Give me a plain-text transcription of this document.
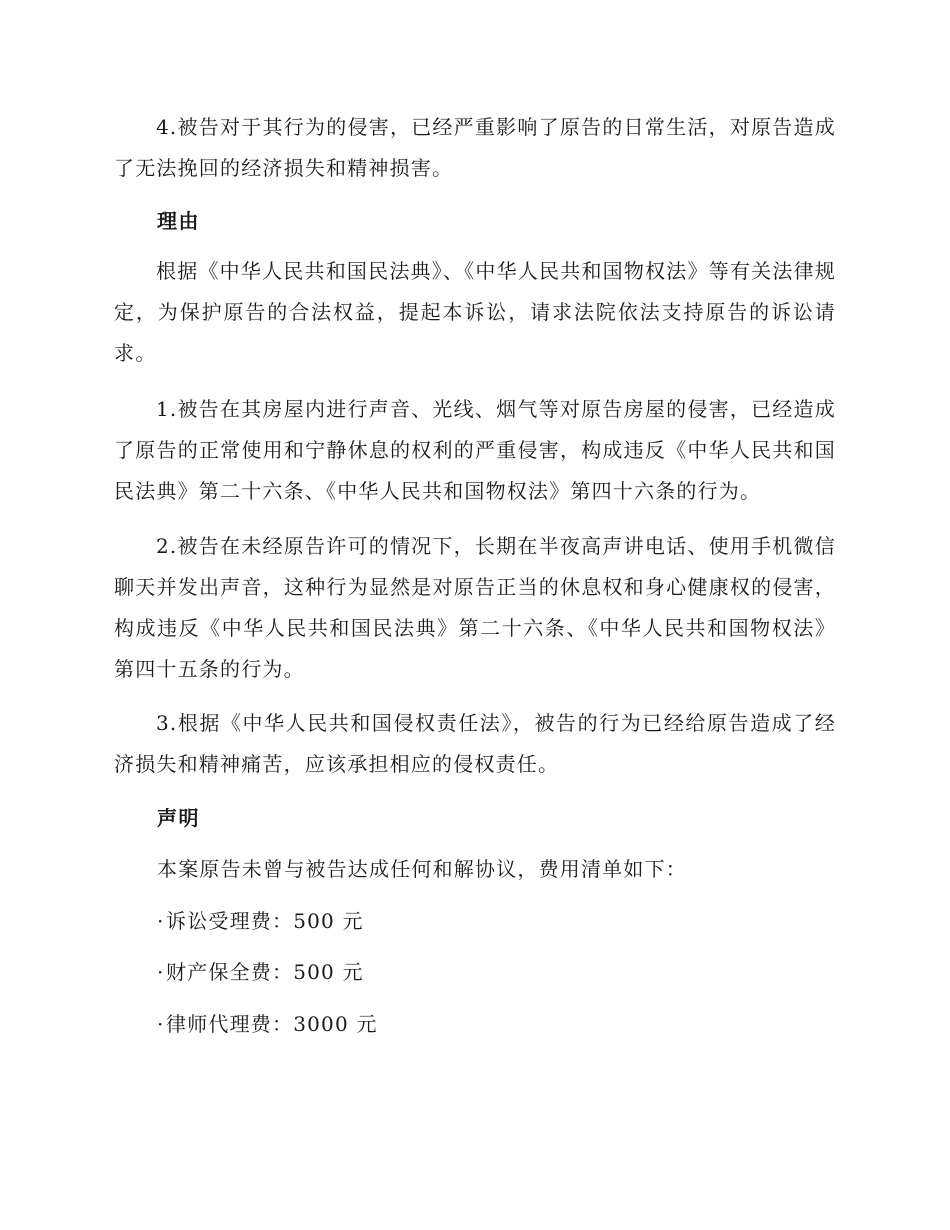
4.被告对于其行为的侵害，已经严重影响了原告的日常生活，对原告造成了无法挽回的经济损失和精神损害。

理由

根据《中华人民共和国民法典》、《中华人民共和国物权法》等有关法律规定，为保护原告的合法权益，提起本诉讼，请求法院依法支持原告的诉讼请求。

1.被告在其房屋内进行声音、光线、烟气等对原告房屋的侵害，已经造成了原告的正常使用和宁静休息的权利的严重侵害，构成违反《中华人民共和国民法典》第二十六条、《中华人民共和国物权法》第四十六条的行为。

2.被告在未经原告许可的情况下，长期在半夜高声讲电话、使用手机微信聊天并发出声音，这种行为显然是对原告正当的休息权和身心健康权的侵害，构成违反《中华人民共和国民法典》第二十六条、《中华人民共和国物权法》第四十五条的行为。

3.根据《中华人民共和国侵权责任法》，被告的行为已经给原告造成了经济损失和精神痛苦，应该承担相应的侵权责任。

声明

本案原告未曾与被告达成任何和解协议，费用清单如下：

·诉讼受理费：500 元
·财产保全费：500 元
·律师代理费：3000 元
